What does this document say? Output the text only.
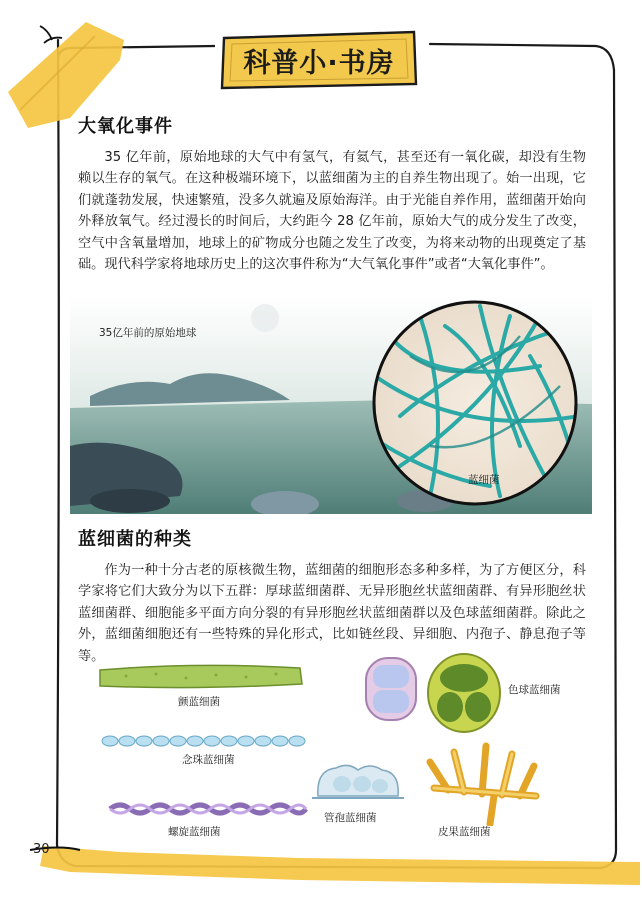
科普小·书房
大氧化事件

35 亿年前，原始地球的大气中有氢气，有氦气，甚至还有一氧化碳，却没有生物赖以生存的氧气。在这种极端环境下，以蓝细菌为主的自养生物出现了。始一出现，它们就蓬勃发展，快速繁殖，没多久就遍及原始海洋。由于光能自养作用，蓝细菌开始向外释放氧气。经过漫长的时间后，大约距今 28 亿年前，原始大气的成分发生了改变，空气中含氧量增加，地球上的矿物成分也随之发生了改变，为将来动物的出现奠定了基础。现代科学家将地球历史上的这次事件称为“大气氧化事件”或者“大氧化事件”。

35亿年前的原始地球
蓝细菌
蓝细菌的种类

作为一种十分古老的原核微生物，蓝细菌的细胞形态多种多样，为了方便区分，科学家将它们大致分为以下五群：厚球蓝细菌群、无异形胞丝状蓝细菌群、有异形胞丝状蓝细菌群、细胞能多平面方向分裂的有异形胞丝状蓝细菌群以及色球蓝细菌群。除此之外，蓝细菌细胞还有一些特殊的异化形式，比如链丝段、异细胞、内孢子、静息孢子等等。

颤蓝细菌
念珠蓝细菌
螺旋蓝细菌
色球蓝细菌
管孢蓝细菌
皮果蓝细菌
30
